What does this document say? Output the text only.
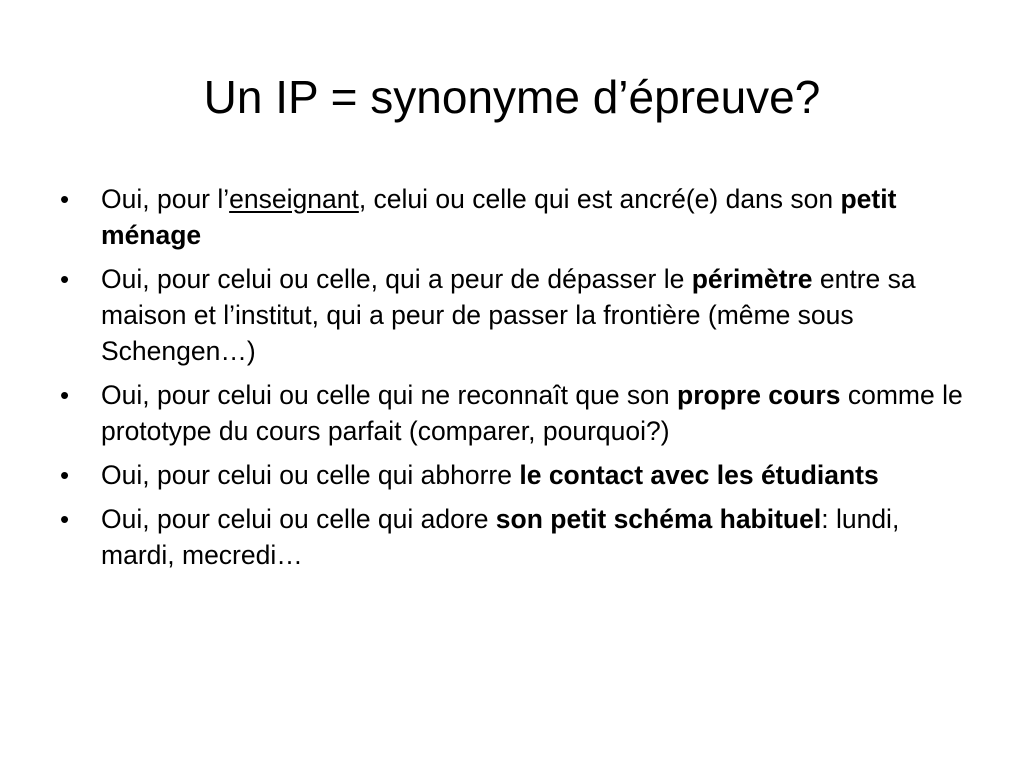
Un IP = synonyme d’épreuve?
• Oui, pour l’enseignant, celui ou celle qui est ancré(e) dans son petit ménage
• Oui, pour celui ou celle, qui a peur de dépasser le périmètre entre sa maison et l’institut, qui a peur de passer la frontière (même sous Schengen…)
• Oui, pour celui ou celle qui ne reconnaît que son propre cours comme le prototype du cours parfait (comparer, pourquoi?)
• Oui, pour celui ou celle qui abhorre le contact avec les étudiants
• Oui, pour celui ou celle qui adore son petit schéma habituel: lundi, mardi, mecredi…
